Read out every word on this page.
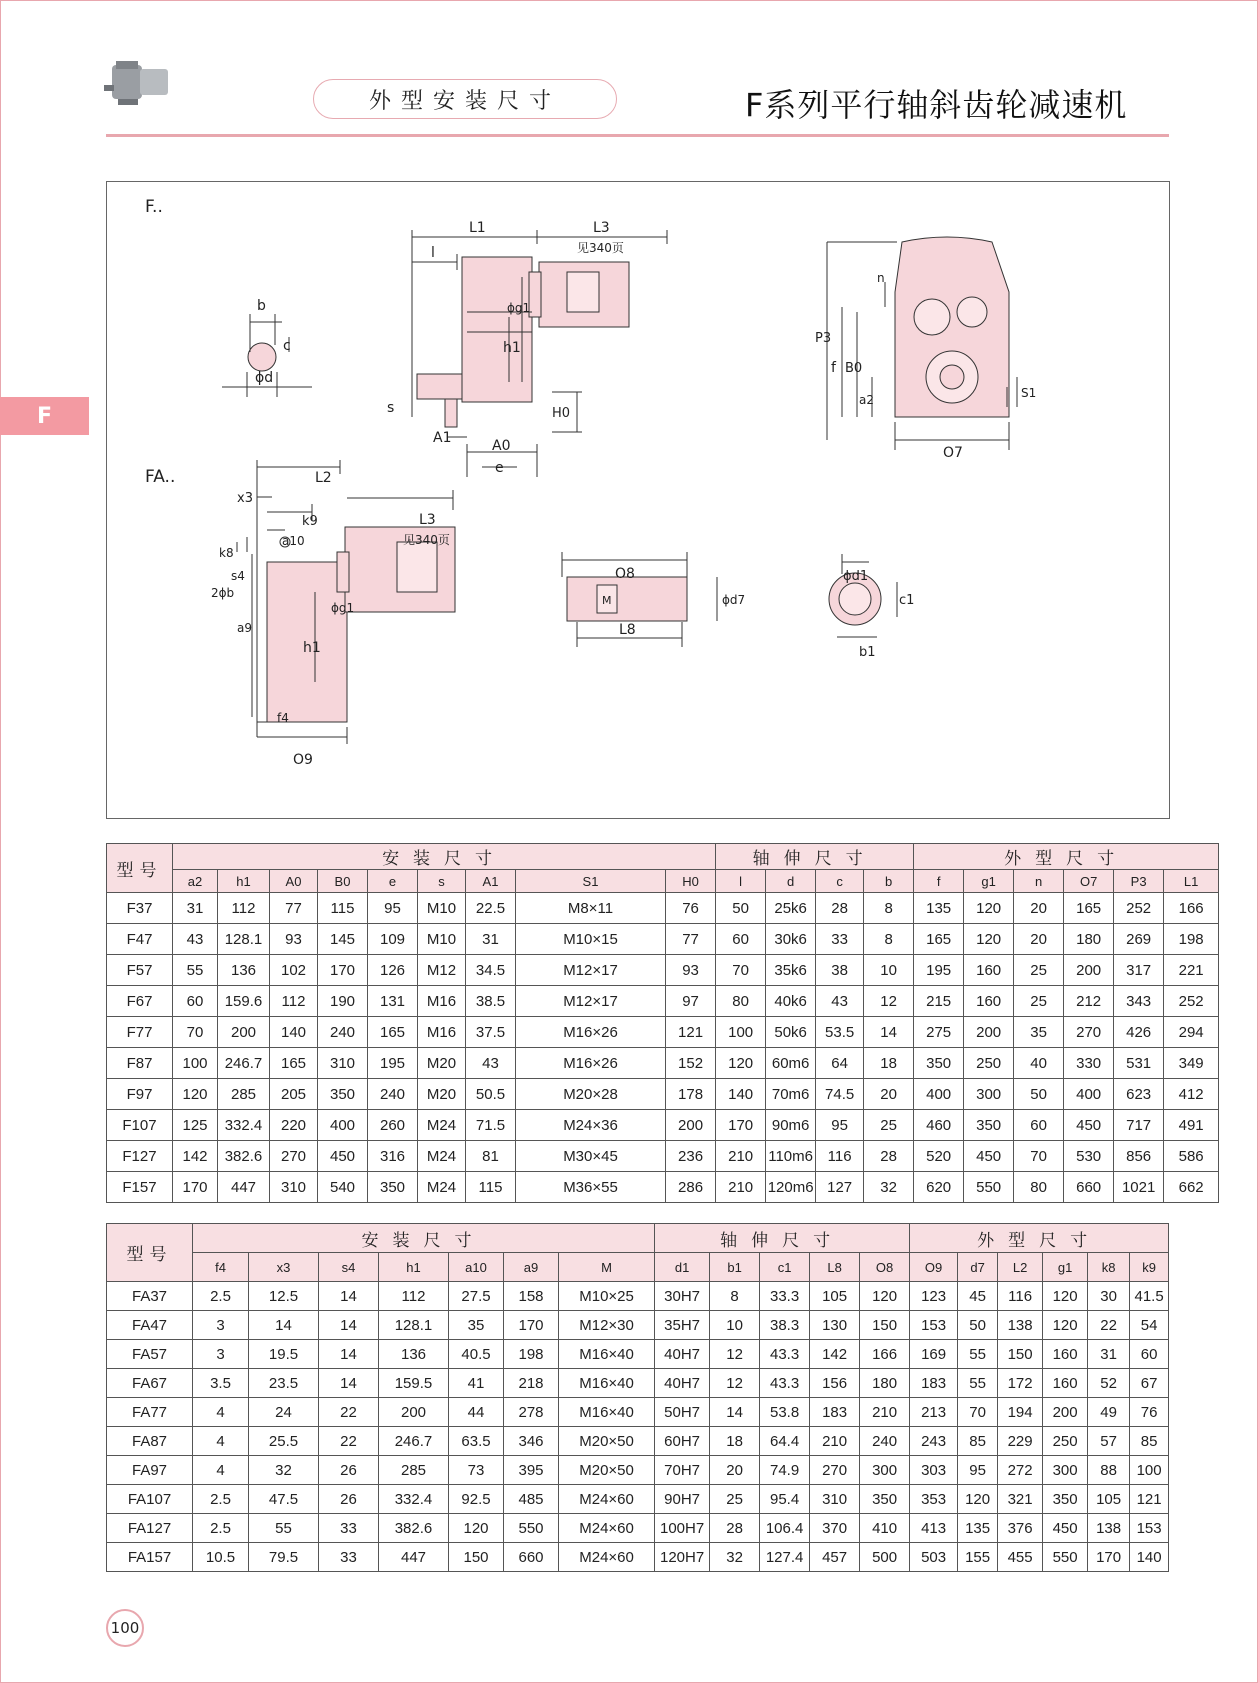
外型安装尺寸	F系列平行轴斜齿轮减速机
F
F..
FA..
L1	L3
见340页
l
b
c
ϕd
ϕg1
h1
s	H0
A1	A0
e
P3
f B0
a2
n
S1
O7
L2
x3
k9
a10
k8
s4
2ϕb
a9
L3
见340页
ϕg1
h1
f4
O9
O8
M	ϕd7
L8
ϕd1
c1
b1
型号	安装尺寸									轴伸尺寸				外型尺寸					
	a2	h1	A0	B0	e	s	A1	S1	H0	l	d	c	b	f	g1	n	O7	P3	L1
F37	31	112	77	115	95	M10	22.5	M8×11	76	50	25k6	28	8	135	120	20	165	252	166
F47	43	128.1	93	145	109	M10	31	M10×15	77	60	30k6	33	8	165	120	20	180	269	198
F57	55	136	102	170	126	M12	34.5	M12×17	93	70	35k6	38	10	195	160	25	200	317	221
F67	60	159.6	112	190	131	M16	38.5	M12×17	97	80	40k6	43	12	215	160	25	212	343	252
F77	70	200	140	240	165	M16	37.5	M16×26	121	100	50k6	53.5	14	275	200	35	270	426	294
F87	100	246.7	165	310	195	M20	43	M16×26	152	120	60m6	64	18	350	250	40	330	531	349
F97	120	285	205	350	240	M20	50.5	M20×28	178	140	70m6	74.5	20	400	300	50	400	623	412
F107	125	332.4	220	400	260	M24	71.5	M24×36	200	170	90m6	95	25	460	350	60	450	717	491
F127	142	382.6	270	450	316	M24	81	M30×45	236	210	110m6	116	28	520	450	70	530	856	586
F157	170	447	310	540	350	M24	115	M36×55	286	210	120m6	127	32	620	550	80	660	1021	662
型号	安装尺寸							轴伸尺寸					外型尺寸					
	f4	x3	s4	h1	a10	a9	M	d1	b1	c1	L8	O8	O9	d7	L2	g1	k8	k9
FA37	2.5	12.5	14	112	27.5	158	M10×25	30H7	8	33.3	105	120	123	45	116	120	30	41.5
FA47	3	14	14	128.1	35	170	M12×30	35H7	10	38.3	130	150	153	50	138	120	22	54
FA57	3	19.5	14	136	40.5	198	M16×40	40H7	12	43.3	142	166	169	55	150	160	31	60
FA67	3.5	23.5	14	159.5	41	218	M16×40	40H7	12	43.3	156	180	183	55	172	160	52	67
FA77	4	24	22	200	44	278	M16×40	50H7	14	53.8	183	210	213	70	194	200	49	76
FA87	4	25.5	22	246.7	63.5	346	M20×50	60H7	18	64.4	210	240	243	85	229	250	57	85
FA97	4	32	26	285	73	395	M20×50	70H7	20	74.9	270	300	303	95	272	300	88	100
FA107	2.5	47.5	26	332.4	92.5	485	M24×60	90H7	25	95.4	310	350	353	120	321	350	105	121
FA127	2.5	55	33	382.6	120	550	M24×60	100H7	28	106.4	370	410	413	135	376	450	138	153
FA157	10.5	79.5	33	447	150	660	M24×60	120H7	32	127.4	457	500	503	155	455	550	170	140
100
